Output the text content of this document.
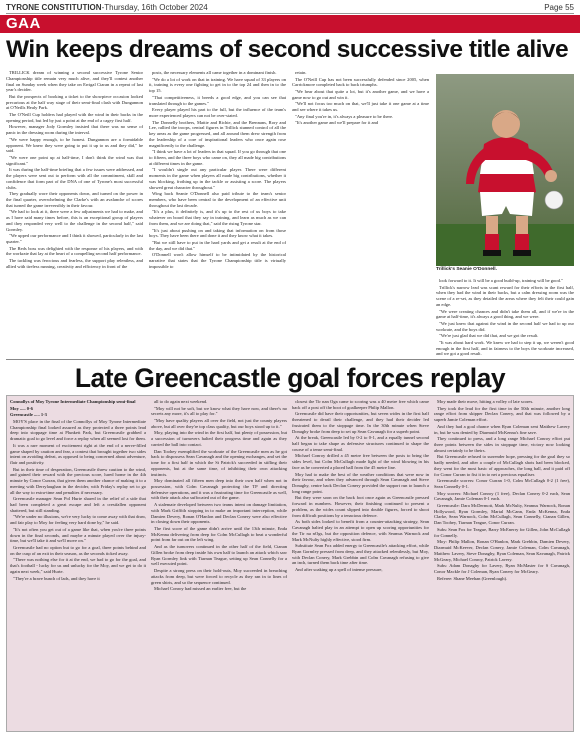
TYRONE CONSTITUTION-Thursday, 16th October 2024	Page 55
GAA
Win keeps dreams of second successive title alive

TRILLICK dream of winning a second successive Tyrone Senior Championship title remain very much alive, and they'll contest another final on Sunday week when they take on Errigal Ciaran in a repeat of last year's decider.

But the prospects of booking a ticket to the showpiece occasion looked precarious at the half way stage of their semi-final clash with Dungannon at O'Neills Healy Park.

The O'Neill Cup holders had played with the wind in their backs in the opening period, but led by just a point at the end of a cagey first half.

However, manager Jody Gormley insisted that there was no sense of panic in the dressing room during the interval.

"We were happy enough, to be honest. Dungannon are a formidable opponent. We knew they were going to put it up to us and they did," he said.

"We were one point up at half-time, I don't think the wind was that significant."

It was during the half-time briefing that a few issues were addressed, and the players were sent out to perform with all the commitment, skill and confidence that form part of the DNA of one of Tyrone's most successful clubs.

They gradually wore their opponents down, and turned on the power in the final quarter, overwhelming the Clarke's with an avalanche of scores that turned the game irreversibly in their favour.

"We had to look at it, there were a few adjustments we had to make, and as I have said many times before, this is an exceptional group of players and they responded very well to the challenge in the second half," said Gormley.

"We upped our performance and I think it showed, particularly in the last quarter."

The Reds boss was delighted with the response of his players, and with the workrate that lay at the heart of a compelling second half performance.

The tackling was ferocious and fearless, the support play relentless, and allied with tireless running, creativity and efficiency in front of the

posts, the necessary elements all came together in a dominant finish.

"We do a lot of work on that in training. We have squad of 33 players on it, training is every one fighting to get in to the top 24 and then in to the top 15.

"That competitiveness, it breeds a good edge, and you can see that translated through to the games."

Every player played his part to the full, but the influence of the team's more experienced players can not be over-stated.

The Donnelly brothers, Mattie and Richie, and the Brennans, Rory and Lee, rallied the troops, central figures in Trillick stunned control of all the key areas as the game progressed, and all around them drew strength from the leadership of a core of inspirational leaders who once again rose magnificently to the challenge.

"I think we have a lot of leaders in that squad. If you go through that one to fifteen, and the three boys who came on, they all made big contributions at different times in the game.

"I wouldn't single out any particular player. There were different moments in the game when players all made big contributions, whether it was blocking, frothing up in the tackle or assisting a score. The players showed great character throughout."

Wing back Seanie O'Donnell also paid tribute to the team's senior members, who have been central to the development of an effective unit throughout the last decade.

"It's a plus, it definitely is, and it's up to the rest of us boys to take whatever on board that they say in training, and learn as much as we can from them, and we are doing that," said the rising Tyrone star.

"It's just about pushing on and taking that information on from those boys. They have been there and done it and they know what it takes.

"But we still have to put in the hard yards and get a result at the end of the day, and we did that."

O'Donnell won't allow himself to be intimidated by the historical narrative that states that the Tyrone Championship title is virtually impossible to

retain.

The O'Neill Cup has not been successfully defended since 2005, when Carrickmore completed back to back triumphs.

"We hear about that quite a lot, but it's another game, and we have a game now to go out and win it.

"We'll not focus too much on that, we'll just take it one game at a time and see where it takes us.

"Any final you're in, it's always a pleasure to be there.

"It's another game and we'll prepare for it and

look forward to it. It will be a good build-up, training will be good."

Trillick's narrow lead was scant reward for their efforts in the first half, when they had the wind in their backs, but a calm dressing room was the scene of a re-set, as they detailed the areas where they felt their could gain an edge.

"We were creating chances and didn't take them all, and if we're in the game at half-time, it's always a good thing, and we were.

"We just knew that against the wind in the second half we had to up our workrate, and the boys did.

"We're just glad that we did that, and we got the result.

"It was about hard work. We knew we had to step it up, we weren't good enough in the first half, and in fairness to the boys the workrate increased, and we got a good result.

Trillick's Seanie O'Donnell.
Late Greencastle goal forces replay

Connollys of Moy Tyrone Intermediate Championship semi-final

Moy ..... 0-6

Greencastle ..... 1-3

MOY'S place in the final of the Connollys of Moy Tyrone Intermediate Championship final looked assured as they protected a three points lead deep into stoppage time at Plunkett Park, but Greencastle grabbed a dramatic goal to go level and force a replay when all seemed lost for them.

It was a rare moment of excitement right at the end of a nerve-filled game shaped by caution and fear, a contest that brought together two sides intent on avoiding defeat, as opposed to being concerned about adventure, flair and positivity.

But in their time of desperation, Greencastle threw caution to the wind, and gained their reward with the precious score, lured home in the 4th minute by Conor Curran, that given them another chance of making it to a meeting with Derrylaughan in the decider, with Friday's replay set to go all the way to extra-time and penalties if necessary.

Greencastle manager Sean Pol Hurte shared in the relief of a side that had been completed a great escape and left a crestfallen opponent shattered, but still standing.

"We're under no illusions, we're very lucky to come away with that draw, and fair play to Moy for feeling very hard done by," he said.

"It's not often you get out of a game like that, when you're three points down in the final seconds, and maybe a minute played over the injury-time, but we'll take it and we'll move on."

Greencastle had no option but to go for a goal, three points behind and on the cusp of an exit in their season, as the seconds ticked away.

"There was nothing else for it at the end, we had to go for the goal, and that's football - lucky for us and unlucky for the Moy, and we get to do it again next week," said Hurte.

"They're a brave bunch of lads, and they have it

all to do again next weekend.

"Moy will not be soft, but we know what they have now, and there's no secrets any more, it's all to play for."

"Moy have quality players all over the field, not just the county players above, but all over they're top class quality, but our boys stood up to it."

Moy, playing into the wind in the first half, but plenty of possession, but a succession of turnovers halted their progress time and again as they carried the ball into contact.

Dan Toohey exemplified the workrate of the Greencastle men as he got back to dispossess Sean Cavanagh and the opening exchanges, and set the tone for a first half in which the St Patrick's succeeded in stifling their opponents, but at the same time, of inhibiting their own attacking instincts.

Moy dominated all fifteen men deep into their own half when not in possession, with Colm Cavanagh protecting the TP and directing defensive operations, and it was a frustrating time for Greencastle as well, with their attack also suffocated out of the game.

A stalemate developed between two teams intent on damage limitation, with Mark Griffith stopping in to make an important interception, while Damien Devery, Ronan O'Hanlon and Declan Conery were also effective in closing down their opponents.

The first score of the game didn't arrive until the 13th minute, Enda McKenna delivering from deep for Colm McCullagh to beat a wonderful point from far out on the left wing.

And as the turnovers continued in the other half of the field, Cianan Gillen broke from deep inside his own half to launch an attack which saw Ryan Gormley link with Tiarnan Teague, setting up Sean Connelly for a well executed point.

Despite a strong press on their hold-outs, Moy succeeded in breaching attacks from deep, but were forced to recycle as they ran in to lines of green shirts, and so the sequence continued.

Michael Conroy had missed an earlier free, but the

closest the Tir nan Oga came to scoring was a 40 metre free which came back off a post off the boot of goalkeeper Philip Mallon.

Greencastle did have their opportunities, but seven wides in the first half threatened to derail their challenge, and they had their decider led frustrated them to the stoppage time. In the 30th minute when Steve Donaghy broke from deep to set up Sean Cavanagh for a superb point.

At the break, Greencastle led by 0-2 to 0-1, and a equally tunnel second half began to take shape as defensive structures continued to shape the course of a tense semi-final.

Michael Conroy drilled a 45 metre free between the posts to bring the sides level, but Colm McCullagh made light of the wind blowing in his face as he converted a placed ball from the 45 metre line.

Moy had to make the best of the weather conditions that were now in their favour, and when they advanced through Sean Cavanagh and Steve Donaghy, centre back Declan Conery provided the support run to launch a long range point.

But they were soon on the back foot once again as Greencastle pressed forward in numbers. However, their finishing continued to present a problem, as the wides count slipped into double figures, forced to shoot from difficult positions by a tenacious defence.

As both sides looked to benefit from a counter-attacking strategy, Sean Cavanagh halted play in an attempt to open up scoring opportunities for the Tir na nOgs, but the opposition defence, with Seamus Warnock and Mark McNulty highly effective, stood firm.

Substitute Sean Fox added energy to Greencastle's attacking effort, while Ryan Gormley pressed from deep, and they attacked relentlessly, but Moy, with Declan Conery, Mark Grebbin and Colm Cavanagh refusing to give an inch, turned them back time after time.

And after soaking up a spell of intense pressure,

Moy made their move, hitting a volley of late scores.

They took the lead for the first time in the 50th minute, another long range effort from skipper Declan Conery, and that was followed by a superb Jamie Coleman effort.

And they had a goal chance when Ryan Coleman sent Matthew Lavery in, but he was denied by Diarmuid McKenna's fine save.

They continued to press, and a long range Michael Conroy effort put three points between the sides in stoppage time, victory now looking almost certainly to be theirs.

But Greencastle refused to surrender hope, pressing for the goal they so badly needed, and after a couple of McCullagh shots had been blocked, they went for the most basic of approaches, the long ball, and it paid off for Conor Curran to fist it in to net a precious equaliser.

Greencastle scorers: Conor Curran 1-0, Colm McCullagh 0-2 (1 free), Sean Connelly 0-1.

Moy scorers: Michael Conroy (1 free), Declan Conery 0-2 each, Sean Cavanagh, Jamie Coleman 0-1 each.

Greencastle: Dara McDermott, Mark McNulty, Seamus Warnock, Ronan Hollywood, Ryan Gormley, Martal McCann, Enda McKenna, Enda Clarke, Sean Warnock, Colm McCullagh, Sean Connelly, Cianan Gillen, Dan Toohey, Tiarnan Teague, Conor Curran.

Subs: Sean Fox for Teague, Barry McEnerry for Gillen, John McCullagh for Connelly.

Moy: Philip Mallon, Ronan O'Hanlon, Mark Grebbin, Damien Devery, Diarmuid McKeever, Declan Conery, Jamie Coleman, Colm Cavanagh, Matthew Lavery, Steve Donaghy, Ryan Coleman, Sean Kavanagh, Patrick McGeary, Michael Conroy, Patrick Lavery.

Subs: Adam Donaghy for Lavery, Ryan McMaster for S Cavanagh, Conor Mackle for J Coleman, Ryan Conery for McGeary.

Referee: Shane Meehan (Greenlough).
